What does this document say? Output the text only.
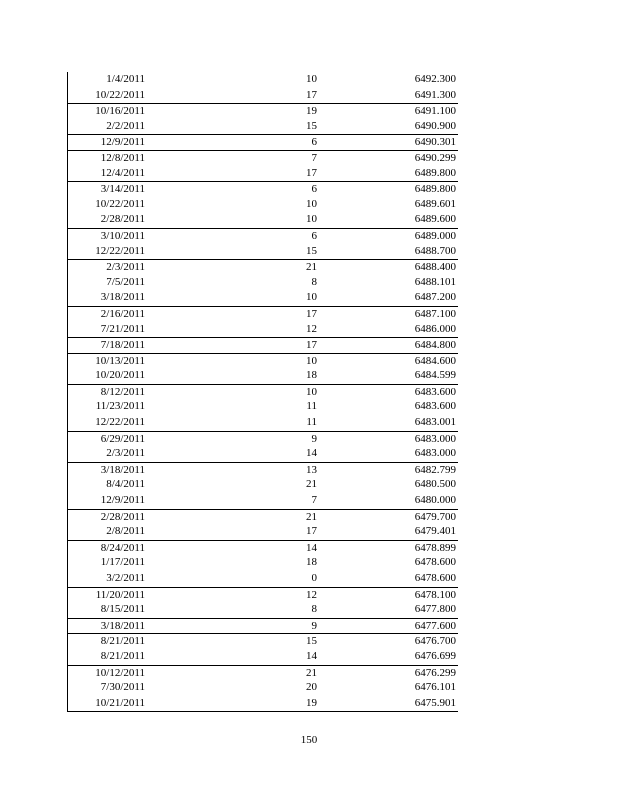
1/4/2011	10	6492.300
10/22/2011	17	6491.300
10/16/2011	19	6491.100
2/2/2011	15	6490.900
12/9/2011	6	6490.301
12/8/2011	7	6490.299
12/4/2011	17	6489.800
3/14/2011	6	6489.800
10/22/2011	10	6489.601
2/28/2011	10	6489.600
3/10/2011	6	6489.000
12/22/2011	15	6488.700
2/3/2011	21	6488.400
7/5/2011	8	6488.101
3/18/2011	10	6487.200
2/16/2011	17	6487.100
7/21/2011	12	6486.000
7/18/2011	17	6484.800
10/13/2011	10	6484.600
10/20/2011	18	6484.599
8/12/2011	10	6483.600
11/23/2011	11	6483.600
12/22/2011	11	6483.001
6/29/2011	9	6483.000
2/3/2011	14	6483.000
3/18/2011	13	6482.799
8/4/2011	21	6480.500
12/9/2011	7	6480.000
2/28/2011	21	6479.700
2/8/2011	17	6479.401
8/24/2011	14	6478.899
1/17/2011	18	6478.600
3/2/2011	0	6478.600
11/20/2011	12	6478.100
8/15/2011	8	6477.800
3/18/2011	9	6477.600
8/21/2011	15	6476.700
8/21/2011	14	6476.699
10/12/2011	21	6476.299
7/30/2011	20	6476.101
10/21/2011	19	6475.901
150
